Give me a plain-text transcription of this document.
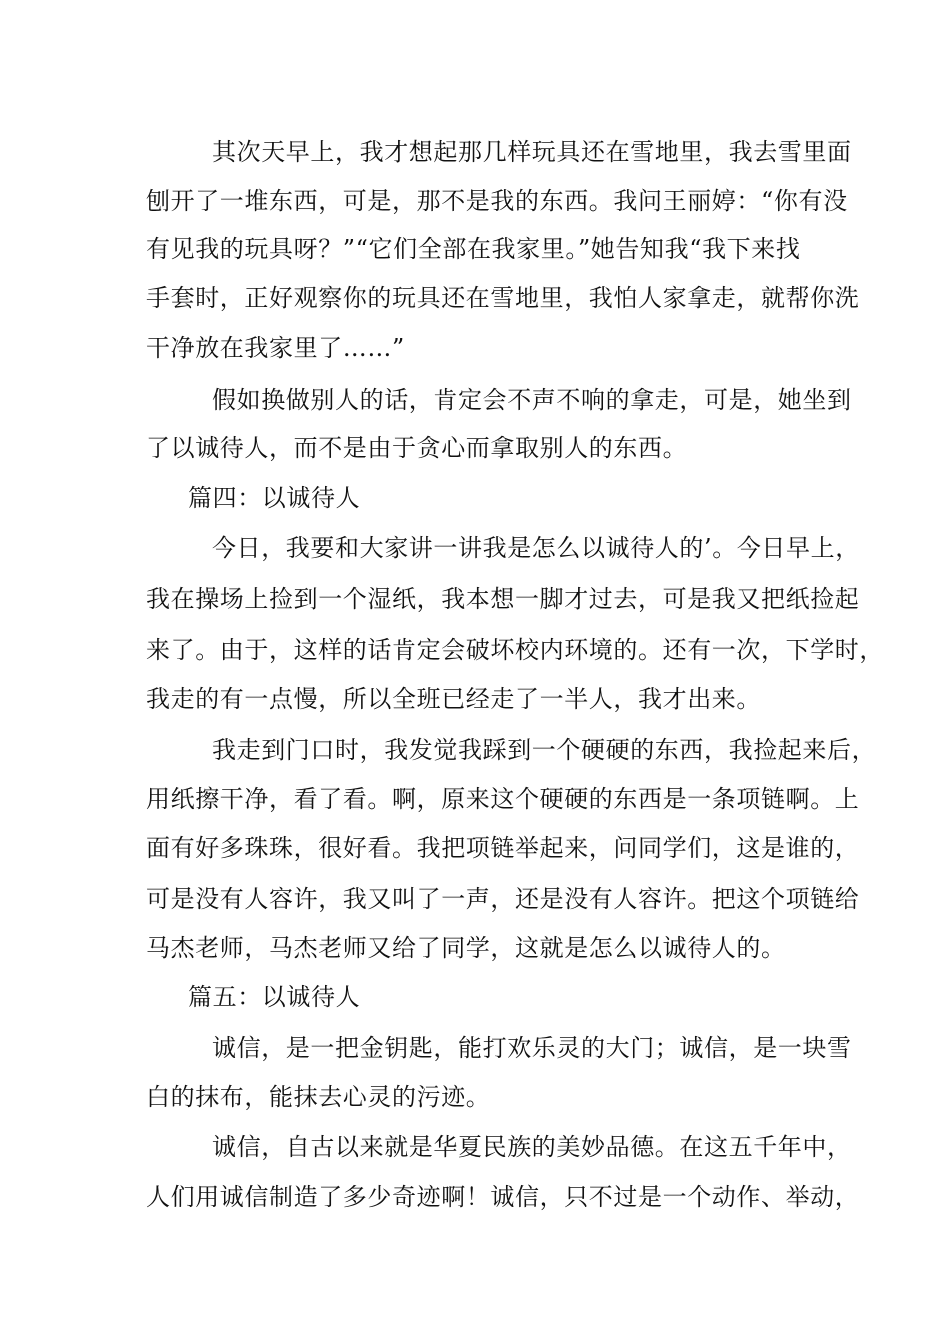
其次天早上，我才想起那几样玩具还在雪地里，我去雪里面
刨开了一堆东西，可是，那不是我的东西。我问王丽婷：“你有没
有见我的玩具呀？”“它们全部在我家里。”她告知我“我下来找
手套时，正好观察你的玩具还在雪地里，我怕人家拿走，就帮你洗
干净放在我家里了……”
假如换做别人的话，肯定会不声不响的拿走，可是，她坐到
了以诚待人，而不是由于贪心而拿取别人的东西。
篇四：以诚待人
今日，我要和大家讲一讲我是怎么以诚待人的’。今日早上，
我在操场上捡到一个湿纸，我本想一脚才过去，可是我又把纸捡起
来了。由于，这样的话肯定会破坏校内环境的。还有一次，下学时，
我走的有一点慢，所以全班已经走了一半人，我才出来。
我走到门口时，我发觉我踩到一个硬硬的东西，我捡起来后，
用纸擦干净，看了看。啊，原来这个硬硬的东西是一条项链啊。上
面有好多珠珠，很好看。我把项链举起来，问同学们，这是谁的，
可是没有人容许，我又叫了一声，还是没有人容许。把这个项链给
马杰老师，马杰老师又给了同学，这就是怎么以诚待人的。
篇五：以诚待人
诚信，是一把金钥匙，能打欢乐灵的大门；诚信，是一块雪
白的抹布，能抹去心灵的污迹。
诚信，自古以来就是华夏民族的美妙品德。在这五千年中，
人们用诚信制造了多少奇迹啊！诚信，只不过是一个动作、举动，
